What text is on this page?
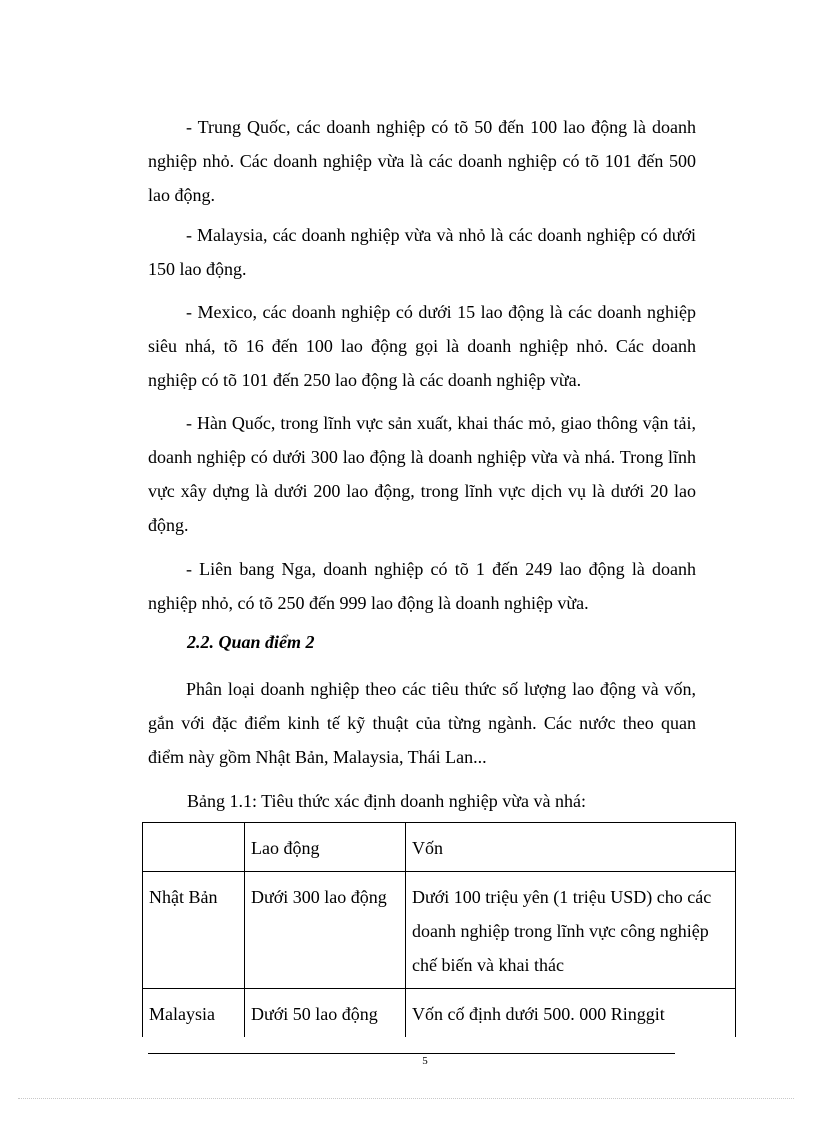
- Trung Quốc, các doanh nghiệp có tõ 50 đến 100 lao động là doanh nghiệp nhỏ. Các doanh nghiệp vừa là các doanh nghiệp có tõ 101 đến 500 lao động.

- Malaysia, các doanh nghiệp vừa và nhỏ là các doanh nghiệp có dưới 150 lao động.

- Mexico, các doanh nghiệp có dưới 15 lao động là các doanh nghiệp siêu nhá, tõ 16 đến 100 lao động gọi là doanh nghiệp nhỏ. Các doanh nghiệp có tõ 101 đến 250 lao động là các doanh nghiệp vừa.

- Hàn Quốc, trong lĩnh vực sản xuất, khai thác mỏ, giao thông vận tải, doanh nghiệp có dưới 300 lao động là doanh nghiệp vừa và nhá. Trong lĩnh vực xây dựng là dưới 200 lao động, trong lĩnh vực dịch vụ là dưới 20 lao động.

- Liên bang Nga, doanh nghiệp có tõ 1 đến 249 lao động là doanh nghiệp nhỏ, có tõ 250 đến 999 lao động là doanh nghiệp vừa.

2.2. Quan điểm 2

Phân loại doanh nghiệp theo các tiêu thức số lượng lao động và vốn, gắn với đặc điểm kinh tế kỹ thuật của từng ngành. Các nước theo quan điểm này gồm Nhật Bản, Malaysia, Thái Lan...

Bảng 1.1: Tiêu thức xác định doanh nghiệp vừa và nhá:

	Lao động	Vốn
Nhật Bản	Dưới 300 lao động	Dưới 100 triệu yên (1 triệu USD) cho các doanh nghiệp trong lĩnh vực công nghiệp chế biến và khai thác
Malaysia	Dưới 50 lao động	Vốn cố định dưới 500. 000 Ringgit
5
